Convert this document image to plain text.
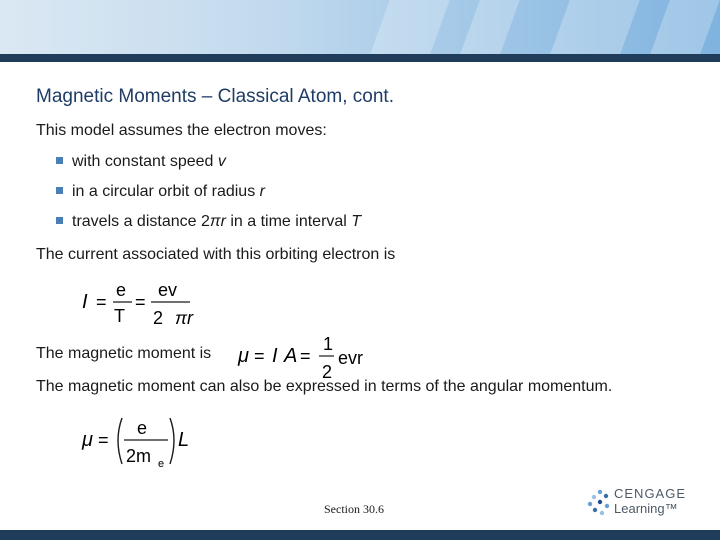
Magnetic Moments – Classical Atom, cont.
This model assumes the electron moves:
with constant speed v
in a circular orbit of radius r
travels a distance 2πr in a time interval T
The current associated with this orbiting electron is
I =
e
T
=
ev
2 πr
The magnetic moment is μ = I A =
1
2
evr
The magnetic moment can also be expressed in terms of the angular momentum.
μ =
e
2m e
L
Section 30.6
CENGAGE
Learning™
